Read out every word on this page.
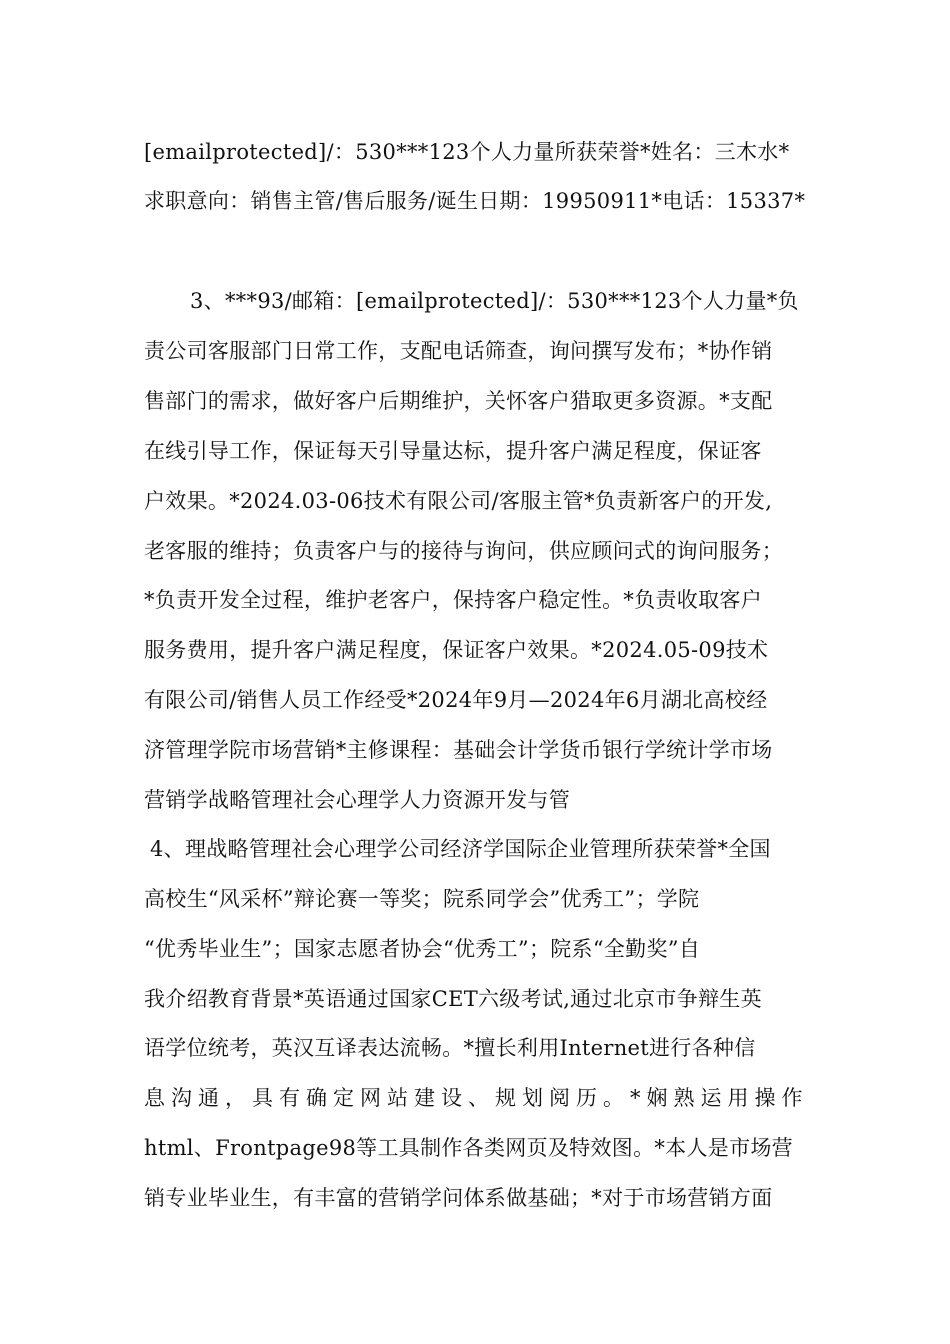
[emailprotected]/：530***123个人力量所获荣誉*姓名：三木水*
求职意向：销售主管/售后服务/诞生日期：19950911*电话：15337*
3、***93/邮箱：[emailprotected]/：530***123个人力量*负
责公司客服部门日常工作，支配电话筛查，询问撰写发布；*协作销
售部门的需求，做好客户后期维护，关怀客户猎取更多资源。*支配
在线引导工作，保证每天引导量达标，提升客户满足程度，保证客
户效果。*2024.03-06技术有限公司/客服主管*负责新客户的开发,
老客服的维持；负责客户与的接待与询问，供应顾问式的询问服务；
*负责开发全过程，维护老客户，保持客户稳定性。*负责收取客户
服务费用，提升客户满足程度，保证客户效果。*2024.05-09技术
有限公司/销售人员工作经受*2024年9月—2024年6月湖北高校经
济管理学院市场营销*主修课程：基础会计学货币银行学统计学市场
营销学战略管理社会心理学人力资源开发与管
4、理战略管理社会心理学公司经济学国际企业管理所获荣誉*全国
高校生“风采杯”辩论赛一等奖；院系同学会”优秀工”；学院
“优秀毕业生”；国家志愿者协会“优秀工”；院系“全勤奖”自
我介绍教育背景*英语通过国家CET六级考试,通过北京市争辩生英
语学位统考，英汉互译表达流畅。*擅长利用Internet进行各种信
息沟通，具有确定网站建设、规划阅历。*娴熟运用操作
html、Frontpage98等工具制作各类网页及特效图。*本人是市场营
销专业毕业生，有丰富的营销学问体系做基础；*对于市场营销方面
